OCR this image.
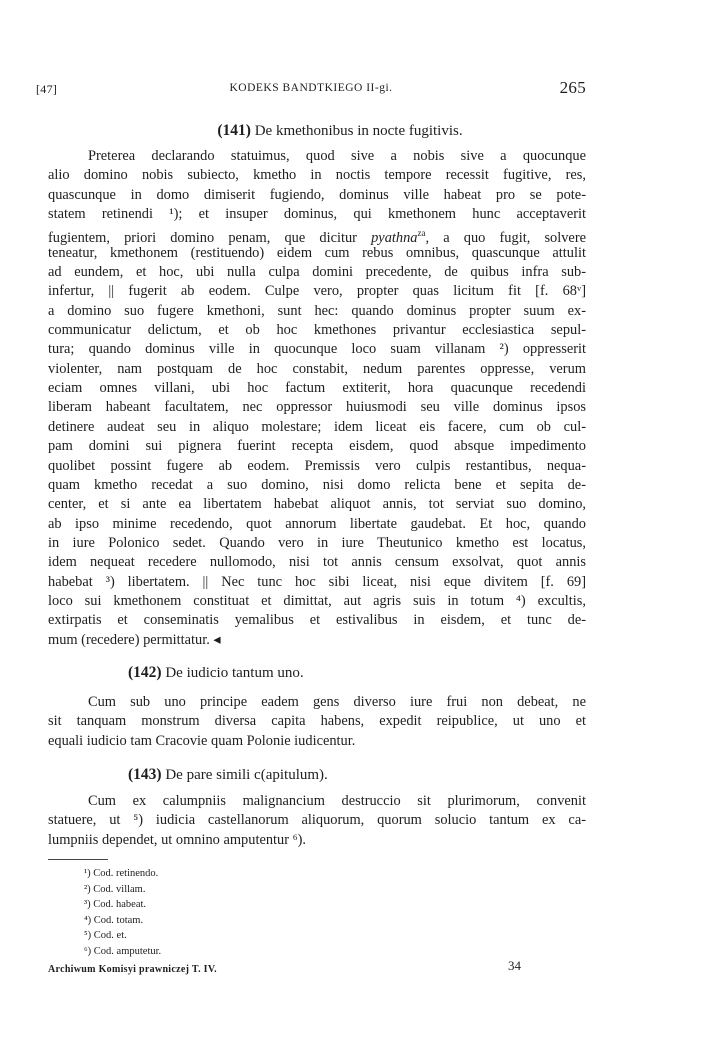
[47]	KODEKS BANDTKIEGO II-gi.	265
(141) De kmethonibus in nocte fugitivis.
Preterea declarando statuimus, quod sive a nobis sive a quocunque
alio domino nobis subiecto, kmetho in noctis tempore recessit fugitive, res,
quascunque in domo dimiserit fugiendo, dominus ville habeat pro se pote-
statem retinendi ¹); et insuper dominus, qui kmethonem hunc acceptaverit
fugientem, priori domino penam, que dicitur pyathna$^{za}$, a quo fugit, solvere
teneatur, kmethonem (restituendo) eidem cum rebus omnibus, quascunque attulit
ad eundem, et hoc, ubi nulla culpa domini precedente, de quibus infra sub-
infertur, || fugerit ab eodem. Culpe vero, propter quas licitum fit [f. 68ᵛ]
a domino suo fugere kmethoni, sunt hec: quando dominus propter suum ex-
communicatur delictum, et ob hoc kmethones privantur ecclesiastica sepul-
tura; quando dominus ville in quocunque loco suam villanam ²) oppresserit
violenter, nam postquam de hoc constabit, nedum parentes oppresse, verum
eciam omnes villani, ubi hoc factum extiterit, hora quacunque recedendi
liberam habeant facultatem, nec oppressor huiusmodi seu ville dominus ipsos
detinere audeat seu in aliquo molestare; idem liceat eis facere, cum ob cul-
pam domini sui pignera fuerint recepta eisdem, quod absque impedimento
quolibet possint fugere ab eodem. Premissis vero culpis restantibus, nequa-
quam kmetho recedat a suo domino, nisi domo relicta bene et sepita de-
center, et si ante ea libertatem habebat aliquot annis, tot serviat suo domino,
ab ipso minime recedendo, quot annorum libertate gaudebat. Et hoc, quando
in iure Polonico sedet. Quando vero in iure Theutunico kmetho est locatus,
idem nequeat recedere nullomodo, nisi tot annis censum exsolvat, quot annis
habebat ³) libertatem. || Nec tunc hoc sibi liceat, nisi eque divitem [f. 69]
loco sui kmethonem constituat et dimittat, aut agris suis in totum ⁴) excultis,
extirpatis et conseminatis yemalibus et estivalibus in eisdem, et tunc de-
mum (recedere) permittatur. ◂
(142) De iudicio tantum uno.
Cum sub uno principe eadem gens diverso iure frui non debeat, ne
sit tanquam monstrum diversa capita habens, expedit reipublice, ut uno et
equali iudicio tam Cracovie quam Polonie iudicentur.
(143) De pare simili c(apitulum).
Cum ex calumpniis malignancium destruccio sit plurimorum, convenit
statuere, ut ⁵) iudicia castellanorum aliquorum, quorum solucio tantum ex ca-
lumpniis dependet, ut omnino amputentur ⁶).
¹) Cod. retinendo.
²) Cod. villam.
³) Cod. habeat.
⁴) Cod. totam.
⁵) Cod. et.
⁶) Cod. amputetur.
Archiwum Komisyi prawniczej T. IV.	34
